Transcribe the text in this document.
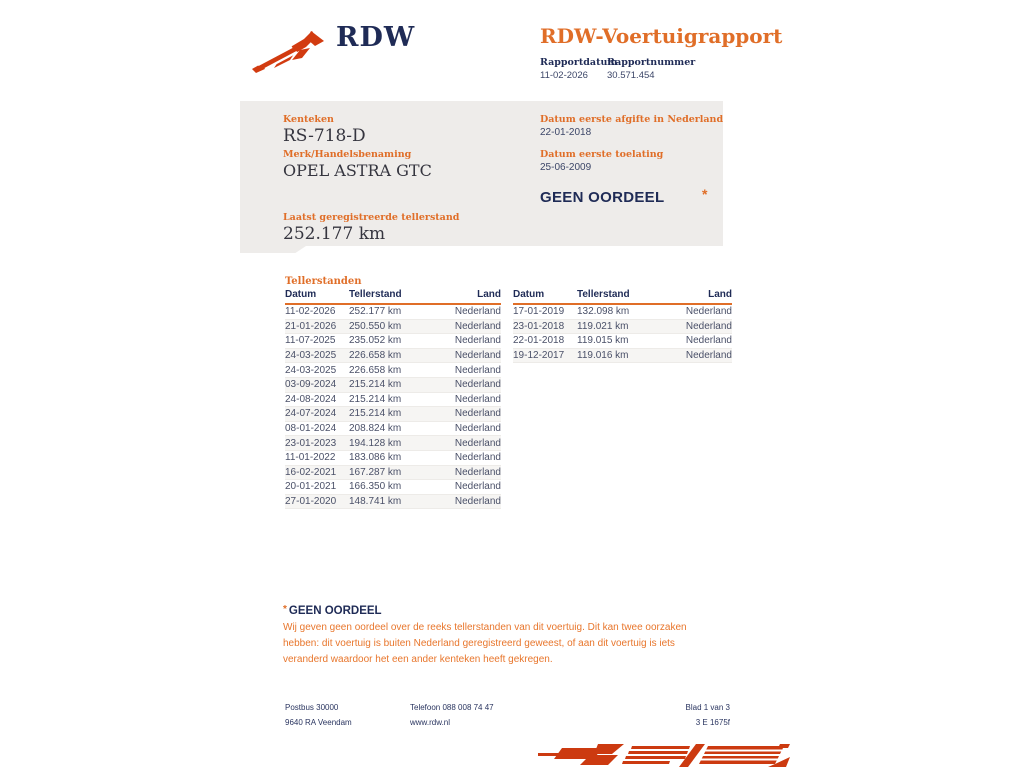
RDW	RDW-Voertuigrapport
Rapportdatum
Rapportnummer
11-02-2026 30.571.454
Kenteken
RS-718-D
Merk/Handelsbenaming
OPEL ASTRA GTC
Datum eerste afgifte in Nederland
22-01-2018
Datum eerste toelating
25-06-2009
GEEN OORDEEL	*
Laatst geregistreerde tellerstand
252.177 km
Tellerstanden
Datum	Tellerstand	Land
11-02-2026	252.177 km	Nederland
21-01-2026	250.550 km	Nederland
11-07-2025	235.052 km	Nederland
24-03-2025	226.658 km	Nederland
24-03-2025	226.658 km	Nederland
03-09-2024	215.214 km	Nederland
24-08-2024	215.214 km	Nederland
24-07-2024	215.214 km	Nederland
08-01-2024	208.824 km	Nederland
23-01-2023	194.128 km	Nederland
11-01-2022	183.086 km	Nederland
16-02-2021	167.287 km	Nederland
20-01-2021	166.350 km	Nederland
27-01-2020	148.741 km	Nederland
Datum	Tellerstand	Land
17-01-2019	132.098 km	Nederland
23-01-2018	119.021 km	Nederland
22-01-2018	119.015 km	Nederland
19-12-2017	119.016 km	Nederland
* GEEN OORDEEL
Wij geven geen oordeel over de reeks tellerstanden van dit voertuig. Dit kan twee oorzaken hebben: dit voertuig is buiten Nederland geregistreerd geweest, of aan dit voertuig is iets veranderd waardoor het een ander kenteken heeft gekregen.
Postbus 30000
9640 RA Veendam
Telefoon 088 008 74 47
www.rdw.nl
Blad 1 van 3
3 E 1675f
